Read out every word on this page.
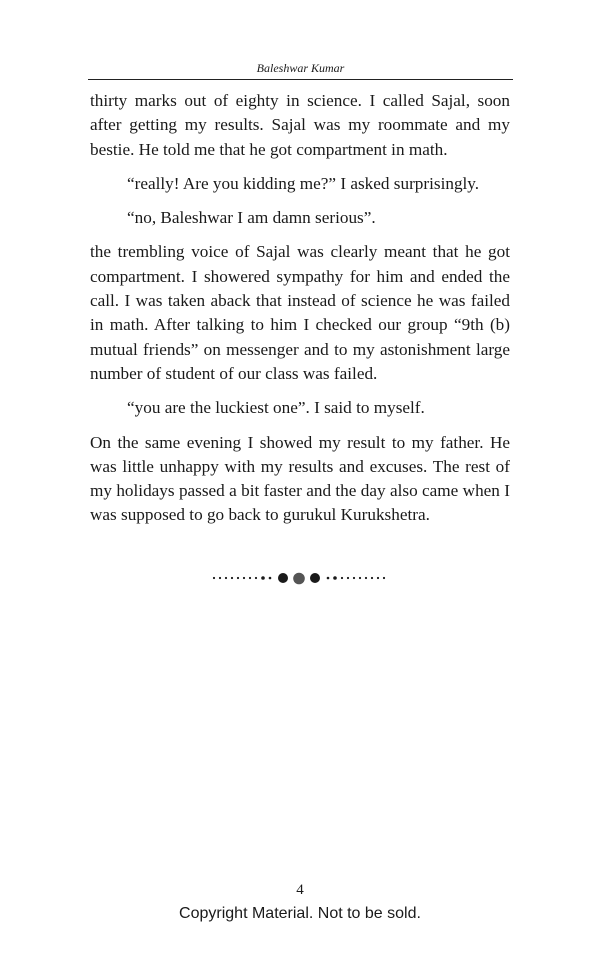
Baleshwar Kumar

thirty marks out of eighty in science. I called Sajal, soon after getting my results. Sajal was my roommate and my bestie. He told me that he got compartment in math.

“really! Are you kidding me?” I asked surprisingly.

“no, Baleshwar I am damn serious”.

the trembling voice of Sajal was clearly meant that he got compartment. I showered sympathy for him and ended the call. I was taken aback that instead of science he was failed in math. After talking to him I checked our group “9th (b) mutual friends” on messenger and to my astonishment large number of student of our class was failed.

“you are the luckiest one”. I said to myself.

On the same evening I showed my result to my father. He was little unhappy with my results and excuses. The rest of my holidays passed a bit faster and the day also came when I was supposed to go back to gurukul Kurukshetra.

4
Copyright Material. Not to be sold.
